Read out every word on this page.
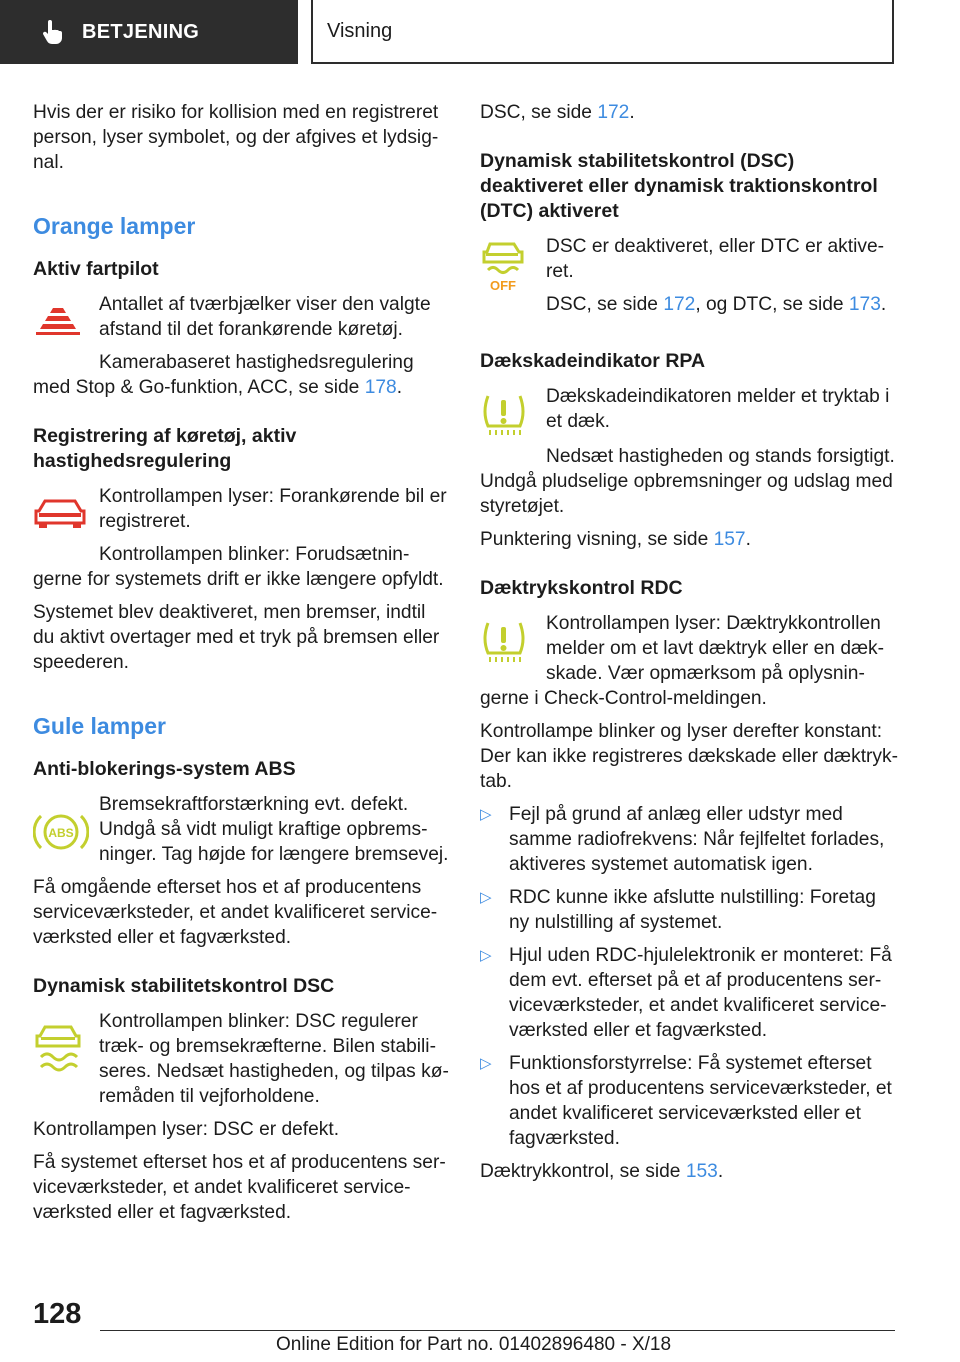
BETJENING	Visning

Hvis der er risiko for kollision med en registreret person, lyser symbolet, og der afgives et lydsignal.

Orange lamper
Aktiv fartpilot

Antallet af tværbjælker viser den valgte afstand til det forankørende køretøj.

Kamerabaseret hastighedsregulering med Stop & Go-funktion, ACC, se side 178.

Registrering af køretøj, aktiv hastighedsregulering

Kontrollampen lyser: Forankørende bil er registreret.

Kontrollampen blinker: Forudsætningerne for systemets drift er ikke længere opfyldt.

Systemet blev deaktiveret, men bremser, indtil du aktivt overtager med et tryk på bremsen eller speederen.

Gule lamper
Anti-blokerings-system ABS
ABS

Bremsekraftforstærkning evt. defekt. Undgå så vidt muligt kraftige opbremsninger. Tag højde for længere bremsevej.

Få omgående efterset hos et af producentens serviceværksteder, et andet kvalificeret serviceværksted eller et fagværksted.

Dynamisk stabilitetskontrol DSC

Kontrollampen blinker: DSC regulerer træk- og bremsekræfterne. Bilen stabiliseres. Nedsæt hastigheden, og tilpas køremåden til vejforholdene.

Kontrollampen lyser: DSC er defekt.

Få systemet efterset hos et af producentens serviceværksteder, et andet kvalificeret serviceværksted eller et fagværksted.

DSC, se side 172.

Dynamisk stabilitetskontrol (DSC) deaktiveret eller dynamisk traktionskontrol (DTC) aktiveret
OFF

DSC er deaktiveret, eller DTC er aktiveret.

DSC, se side 172, og DTC, se side 173.

Dækskadeindikator RPA

Dækskadeindikatoren melder et tryktab i et dæk.

Nedsæt hastigheden og stands forsigtigt. Undgå pludselige opbremsninger og udslag med styretøjet.

Punktering visning, se side 157.

Dæktrykskontrol RDC

Kontrollampen lyser: Dæktrykkontrollen melder om et lavt dæktryk eller en dækskade. Vær opmærksom på oplysningerne i Check-Control-meldingen.

Kontrollampe blinker og lyser derefter konstant: Der kan ikke registreres dækskade eller dæktryktab.

▷ Fejl på grund af anlæg eller udstyr med samme radiofrekvens: Når fejlfeltet forlades, aktiveres systemet automatisk igen.
▷ RDC kunne ikke afslutte nulstilling: Foretag ny nulstilling af systemet.
▷ Hjul uden RDC-hjulelektronik er monteret: Få dem evt. efterset på et af producentens serviceværksteder, et andet kvalificeret serviceværksted eller et fagværksted.
▷ Funktionsforstyrrelse: Få systemet efterset hos et af producentens serviceværksteder, et andet kvalificeret serviceværksted eller et fagværksted.

Dæktrykkontrol, se side 153.

128
Online Edition for Part no. 01402896480 - X/18
